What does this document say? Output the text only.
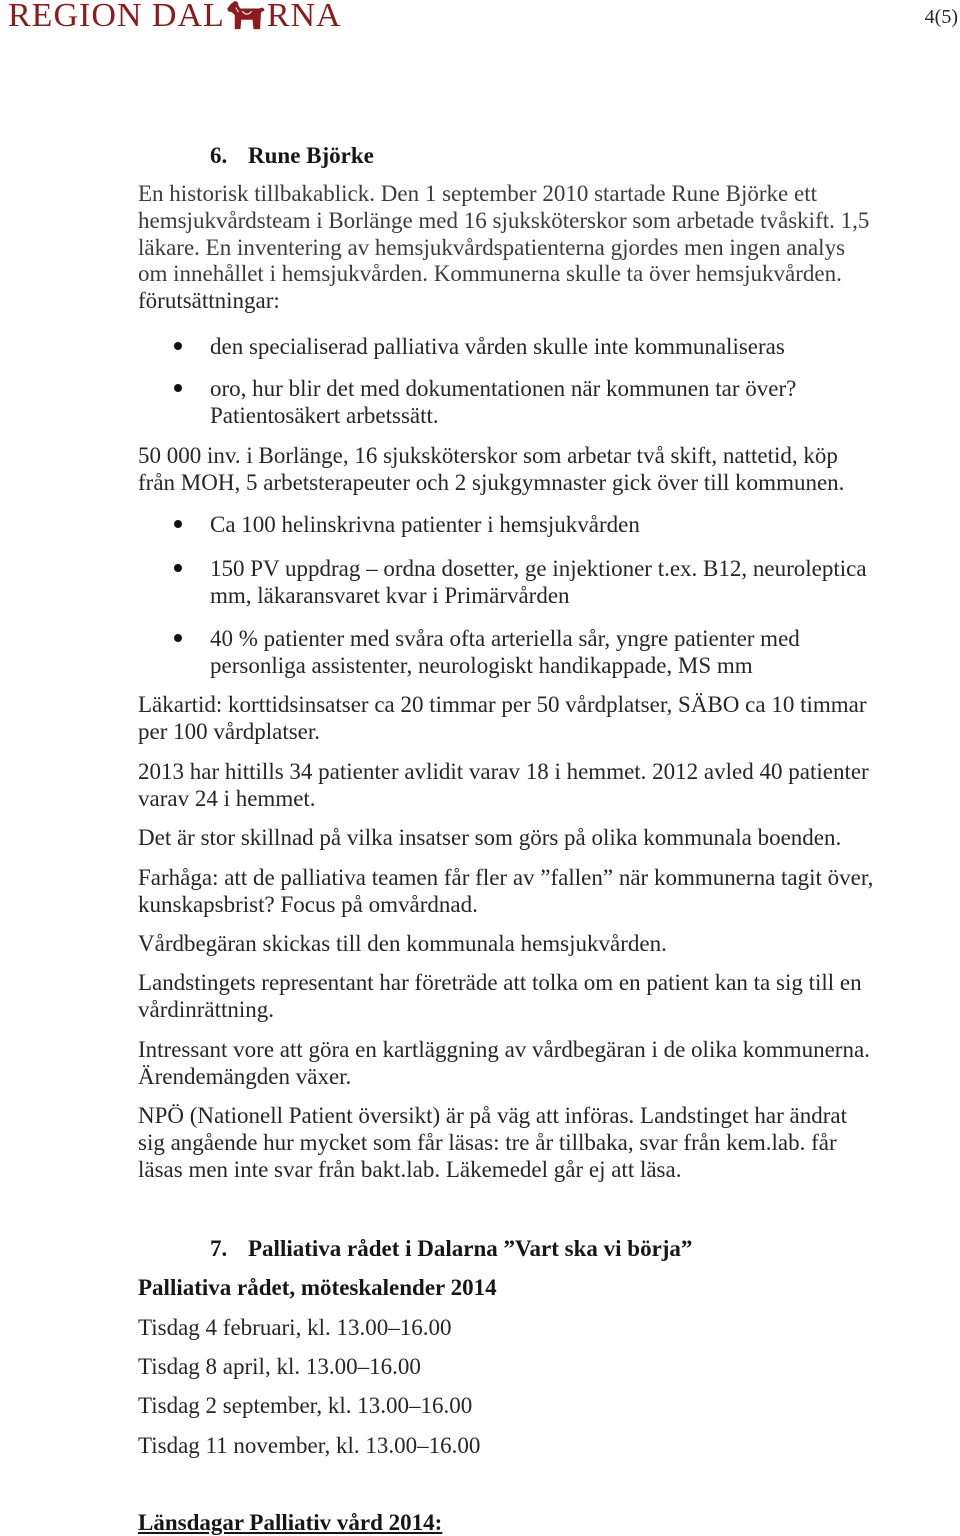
REGION DAL RNA	4(5)
6. Rune Björke
En historisk tillbakablick. Den 1 september 2010 startade Rune Björke ett
hemsjukvårdsteam i Borlänge med 16 sjuksköterskor som arbetade tvåskift. 1,5
läkare. En inventering av hemsjukvårdspatienterna gjordes men ingen analys
om innehållet i hemsjukvården. Kommunerna skulle ta över hemsjukvården.
förutsättningar:
den specialiserad palliativa vården skulle inte kommunaliseras
oro, hur blir det med dokumentationen när kommunen tar över?
Patientosäkert arbetssätt.
50 000 inv. i Borlänge, 16 sjuksköterskor som arbetar två skift, nattetid, köp
från MOH, 5 arbetsterapeuter och 2 sjukgymnaster gick över till kommunen.
Ca 100 helinskrivna patienter i hemsjukvården
150 PV uppdrag – ordna dosetter, ge injektioner t.ex. B12, neuroleptica
mm, läkaransvaret kvar i Primärvården
40 % patienter med svåra ofta arteriella sår, yngre patienter med
personliga assistenter, neurologiskt handikappade, MS mm
Läkartid: korttidsinsatser ca 20 timmar per 50 vårdplatser, SÄBO ca 10 timmar
per 100 vårdplatser.
2013 har hittills 34 patienter avlidit varav 18 i hemmet. 2012 avled 40 patienter
varav 24 i hemmet.
Det är stor skillnad på vilka insatser som görs på olika kommunala boenden.
Farhåga: att de palliativa teamen får fler av ”fallen” när kommunerna tagit över,
kunskapsbrist? Focus på omvårdnad.
Vårdbegäran skickas till den kommunala hemsjukvården.
Landstingets representant har företräde att tolka om en patient kan ta sig till en
vårdinrättning.
Intressant vore att göra en kartläggning av vårdbegäran i de olika kommunerna.
Ärendemängden växer.
NPÖ (Nationell Patient översikt) är på väg att införas. Landstinget har ändrat
sig angående hur mycket som får läsas: tre år tillbaka, svar från kem.lab. får
läsas men inte svar från bakt.lab. Läkemedel går ej att läsa.
7. Palliativa rådet i Dalarna ”Vart ska vi börja”
Palliativa rådet, möteskalender 2014
Tisdag 4 februari, kl. 13.00–16.00
Tisdag 8 april, kl. 13.00–16.00
Tisdag 2 september, kl. 13.00–16.00
Tisdag 11 november, kl. 13.00–16.00
Länsdagar Palliativ vård 2014:
